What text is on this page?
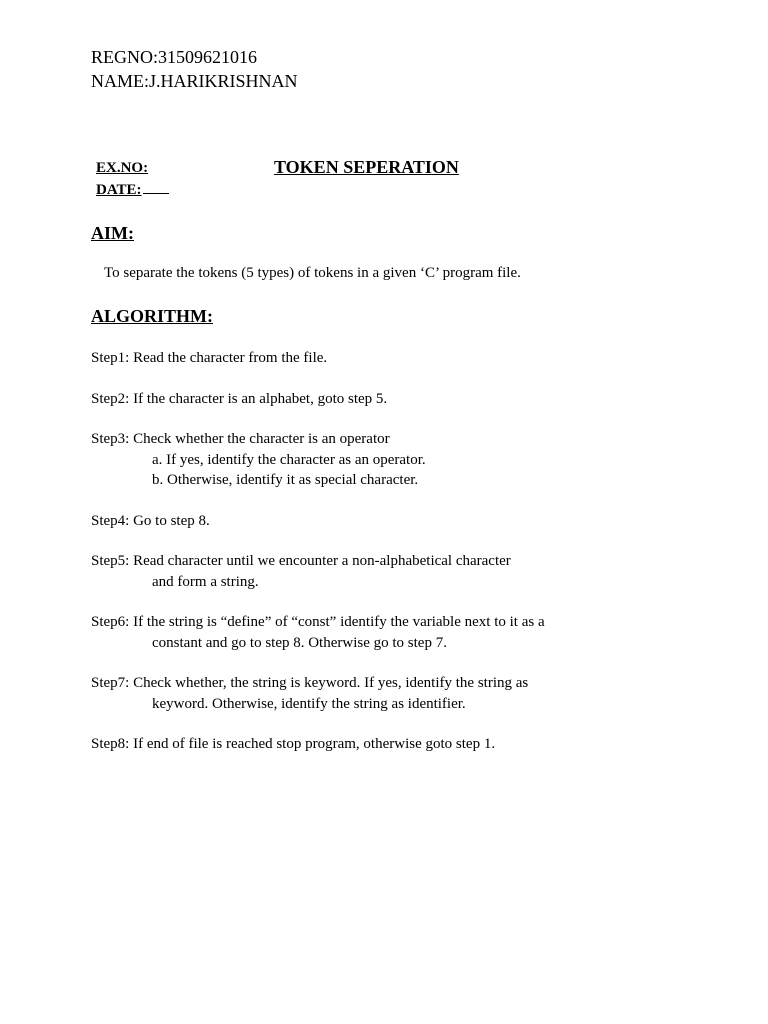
REGNO:31509621016
NAME:J.HARIKRISHNAN
EX.NO:
DATE:
TOKEN SEPERATION
AIM:
To separate the tokens (5 types) of tokens in a given ‘C’ program file.
ALGORITHM:
Step1: Read the character from the file.
Step2: If the character is an alphabet, goto step 5.
Step3: Check whether the character is an operator
a. If yes, identify the character as an operator.
b. Otherwise, identify it as special character.
Step4: Go to step 8.
Step5: Read character until we encounter a non-alphabetical character
and form a string.
Step6: If the string is “define” of “const” identify the variable next to it as a
constant and go to step 8. Otherwise go to step 7.
Step7: Check whether, the string is keyword. If yes, identify the string as
keyword. Otherwise, identify the string as identifier.
Step8: If end of file is reached stop program, otherwise goto step 1.
